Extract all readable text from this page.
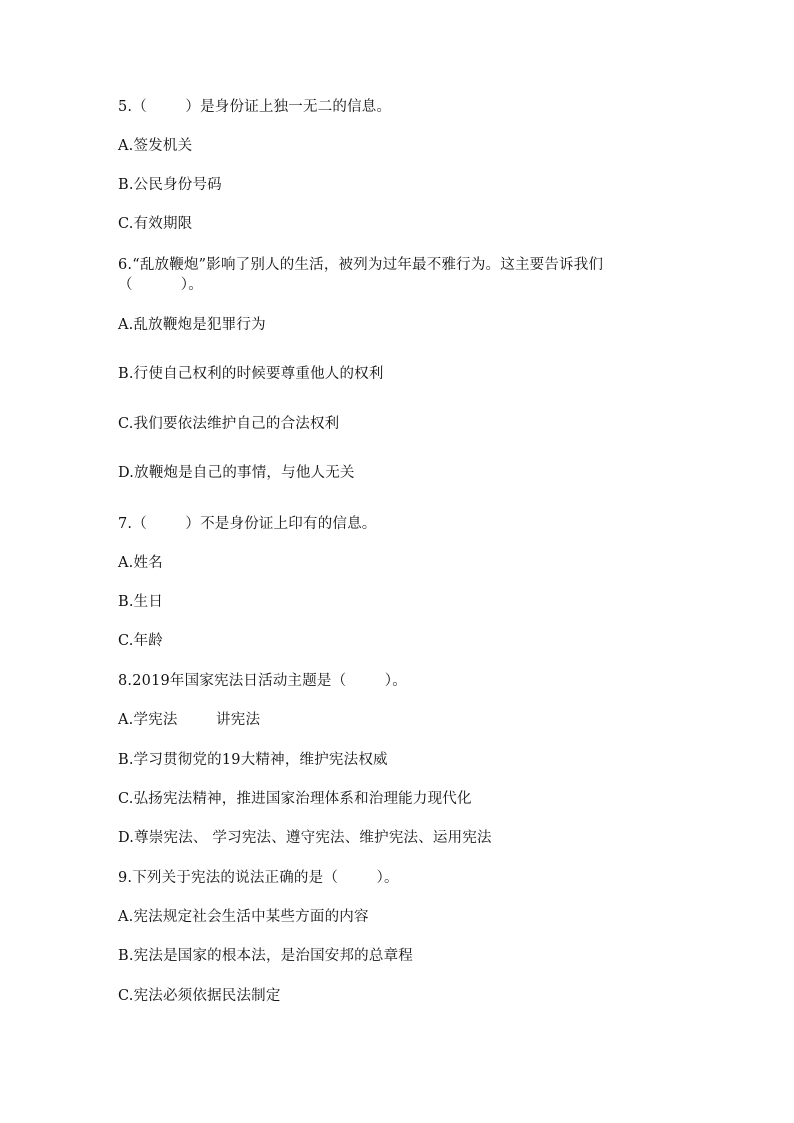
5.（        ）是身份证上独一无二的信息。
A.签发机关
B.公民身份号码
C.有效期限
6.“乱放鞭炮”影响了别人的生活，被列为过年最不雅行为。这主要告诉我们
（          ）。
A.乱放鞭炮是犯罪行为
B.行使自己权利的时候要尊重他人的权利
C.我们要依法维护自己的合法权利
D.放鞭炮是自己的事情，与他人无关
7.（        ）不是身份证上印有的信息。
A.姓名
B.生日
C.年龄
8.2019年国家宪法日活动主题是（        ）。
A.学宪法        讲宪法
B.学习贯彻党的19大精神，维护宪法权威
C.弘扬宪法精神，推进国家治理体系和治理能力现代化
D.尊崇宪法、 学习宪法、遵守宪法、维护宪法、运用宪法
9.下列关于宪法的说法正确的是（        ）。
A.宪法规定社会生活中某些方面的内容
B.宪法是国家的根本法，是治国安邦的总章程
C.宪法必须依据民法制定
